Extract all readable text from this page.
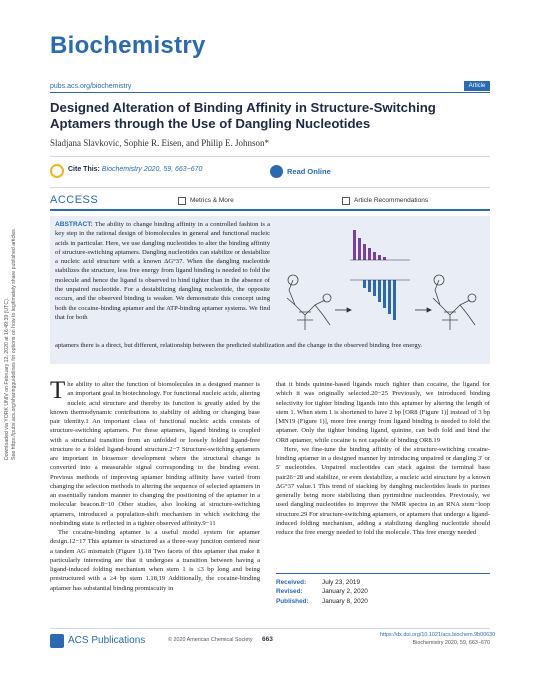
Downloaded via YORK UNIV on February 12, 2020 at 16:49:39 (UTC). See https://pubs.acs.org/sharingguidelines for options on how to legitimately share published articles.
Biochemistry
pubs.acs.org/biochemistry	Article
Designed Alteration of Binding Affinity in Structure-Switching Aptamers through the Use of Dangling Nucleotides
Sladjana Slavkovic, Sophie R. Eisen, and Philip E. Johnson*
Cite This: Biochemistry 2020, 59, 663−670	Read Online
ACCESS	Metrics & More	Article Recommendations
ABSTRACT: The ability to change binding affinity in a controlled fashion is a key step in the rational design of biomolecules in general and functional nucleic acids in particular. Here, we use dangling nucleotides to alter the binding affinity of structure-switching aptamers. Dangling nucleotides can stabilize or destabilize a nucleic acid structure with a known ΔG°37. When the dangling nucleotide stabilizes the structure, less free energy from ligand binding is needed to fold the molecule and hence the ligand is observed to bind tighter than in the absence of the unpaired nucleotide. For a destabilizing dangling nucleotide, the opposite occurs, and the observed binding is weaker. We demonstrate this concept using both the cocaine-binding aptamer and the ATP-binding aptamer systems. We find that for both
aptamers there is a direct, but different, relationship between the predicted stabilization and the change in the observed binding free energy.
The ability to alter the function of biomolecules in a designed manner is an important goal in biotechnology. For functional nucleic acids, altering nucleic acid structure and thereby its function is greatly aided by the known thermodynamic contributions to stability of adding or changing base pair identity.1 An important class of functional nucleic acids consists of structure-switching aptamers. For these aptamers, ligand binding is coupled with a structural transition from an unfolded or loosely folded ligand-free structure to a folded ligand-bound structure.2−7 Structure-switching aptamers are important in biosensor development where the structural change is converted into a measurable signal corresponding to the binding event. Previous methods of improving aptamer binding affinity have varied from changing the selection methods to altering the sequence of selected aptamers in an essentially random manner to changing the positioning of the aptamer in a molecular beacon.8−10 Other studies, also looking at structure-switching aptamers, introduced a population-shift mechanism in which switching the nonbinding state is reflected in a tighter observed affinity.9−11
The cocaine-binding aptamer is a useful model system for aptamer design.12−17 This aptamer is structured as a three-way junction centered near a tandem AG mismatch (Figure 1).18 Two facets of this aptamer that make it particularly interesting are that it undergoes a transition between having a ligand-induced folding mechanism when stem 1 is ≤3 bp long and being prestructured with a ≥4 bp stem 1.18,19 Additionally, the cocaine-binding aptamer has substantial binding promiscuity in
that it binds quinine-based ligands much tighter than cocaine, the ligand for which it was originally selected.20−25 Previously, we introduced binding selectivity for tighter binding ligands into this aptamer by altering the length of stem 1. When stem 1 is shortened to have 2 bp [OR8 (Figure 1)] instead of 3 bp [MN19 (Figure 1)], more free energy from ligand binding is needed to fold the aptamer. Only the tighter binding ligand, quinine, can both fold and bind the OR8 aptamer, while cocaine is not capable of binding OR8.19
Here, we fine-tune the binding affinity of the structure-switching cocaine-binding aptamer in a designed manner by introducing unpaired or dangling 3′ or 5′ nucleotides. Unpaired nucleotides can stack against the terminal base pair26−28 and stabilize, or even destabilize, a nucleic acid structure by a known ΔG°37 value.1 This trend of stacking by dangling nucleotides leads to purines generally being more stabilizing than pyrimidine nucleotides. Previously, we used dangling nucleotides to improve the NMR spectra in an RNA stem−loop structure.29 For structure-switching aptamers, or aptamers that undergo a ligand-induced folding mechanism, adding a stabilizing dangling nucleotide should reduce the free energy needed to fold the molecule. This free energy needed
Received: July 23, 2019
Revised:	January 2, 2020
Published: January 8, 2020
ACS Publications	© 2020 American Chemical Society 663
https://dx.doi.org/10.1021/acs.biochem.9b00630
Biochemistry 2020, 59, 663−670
